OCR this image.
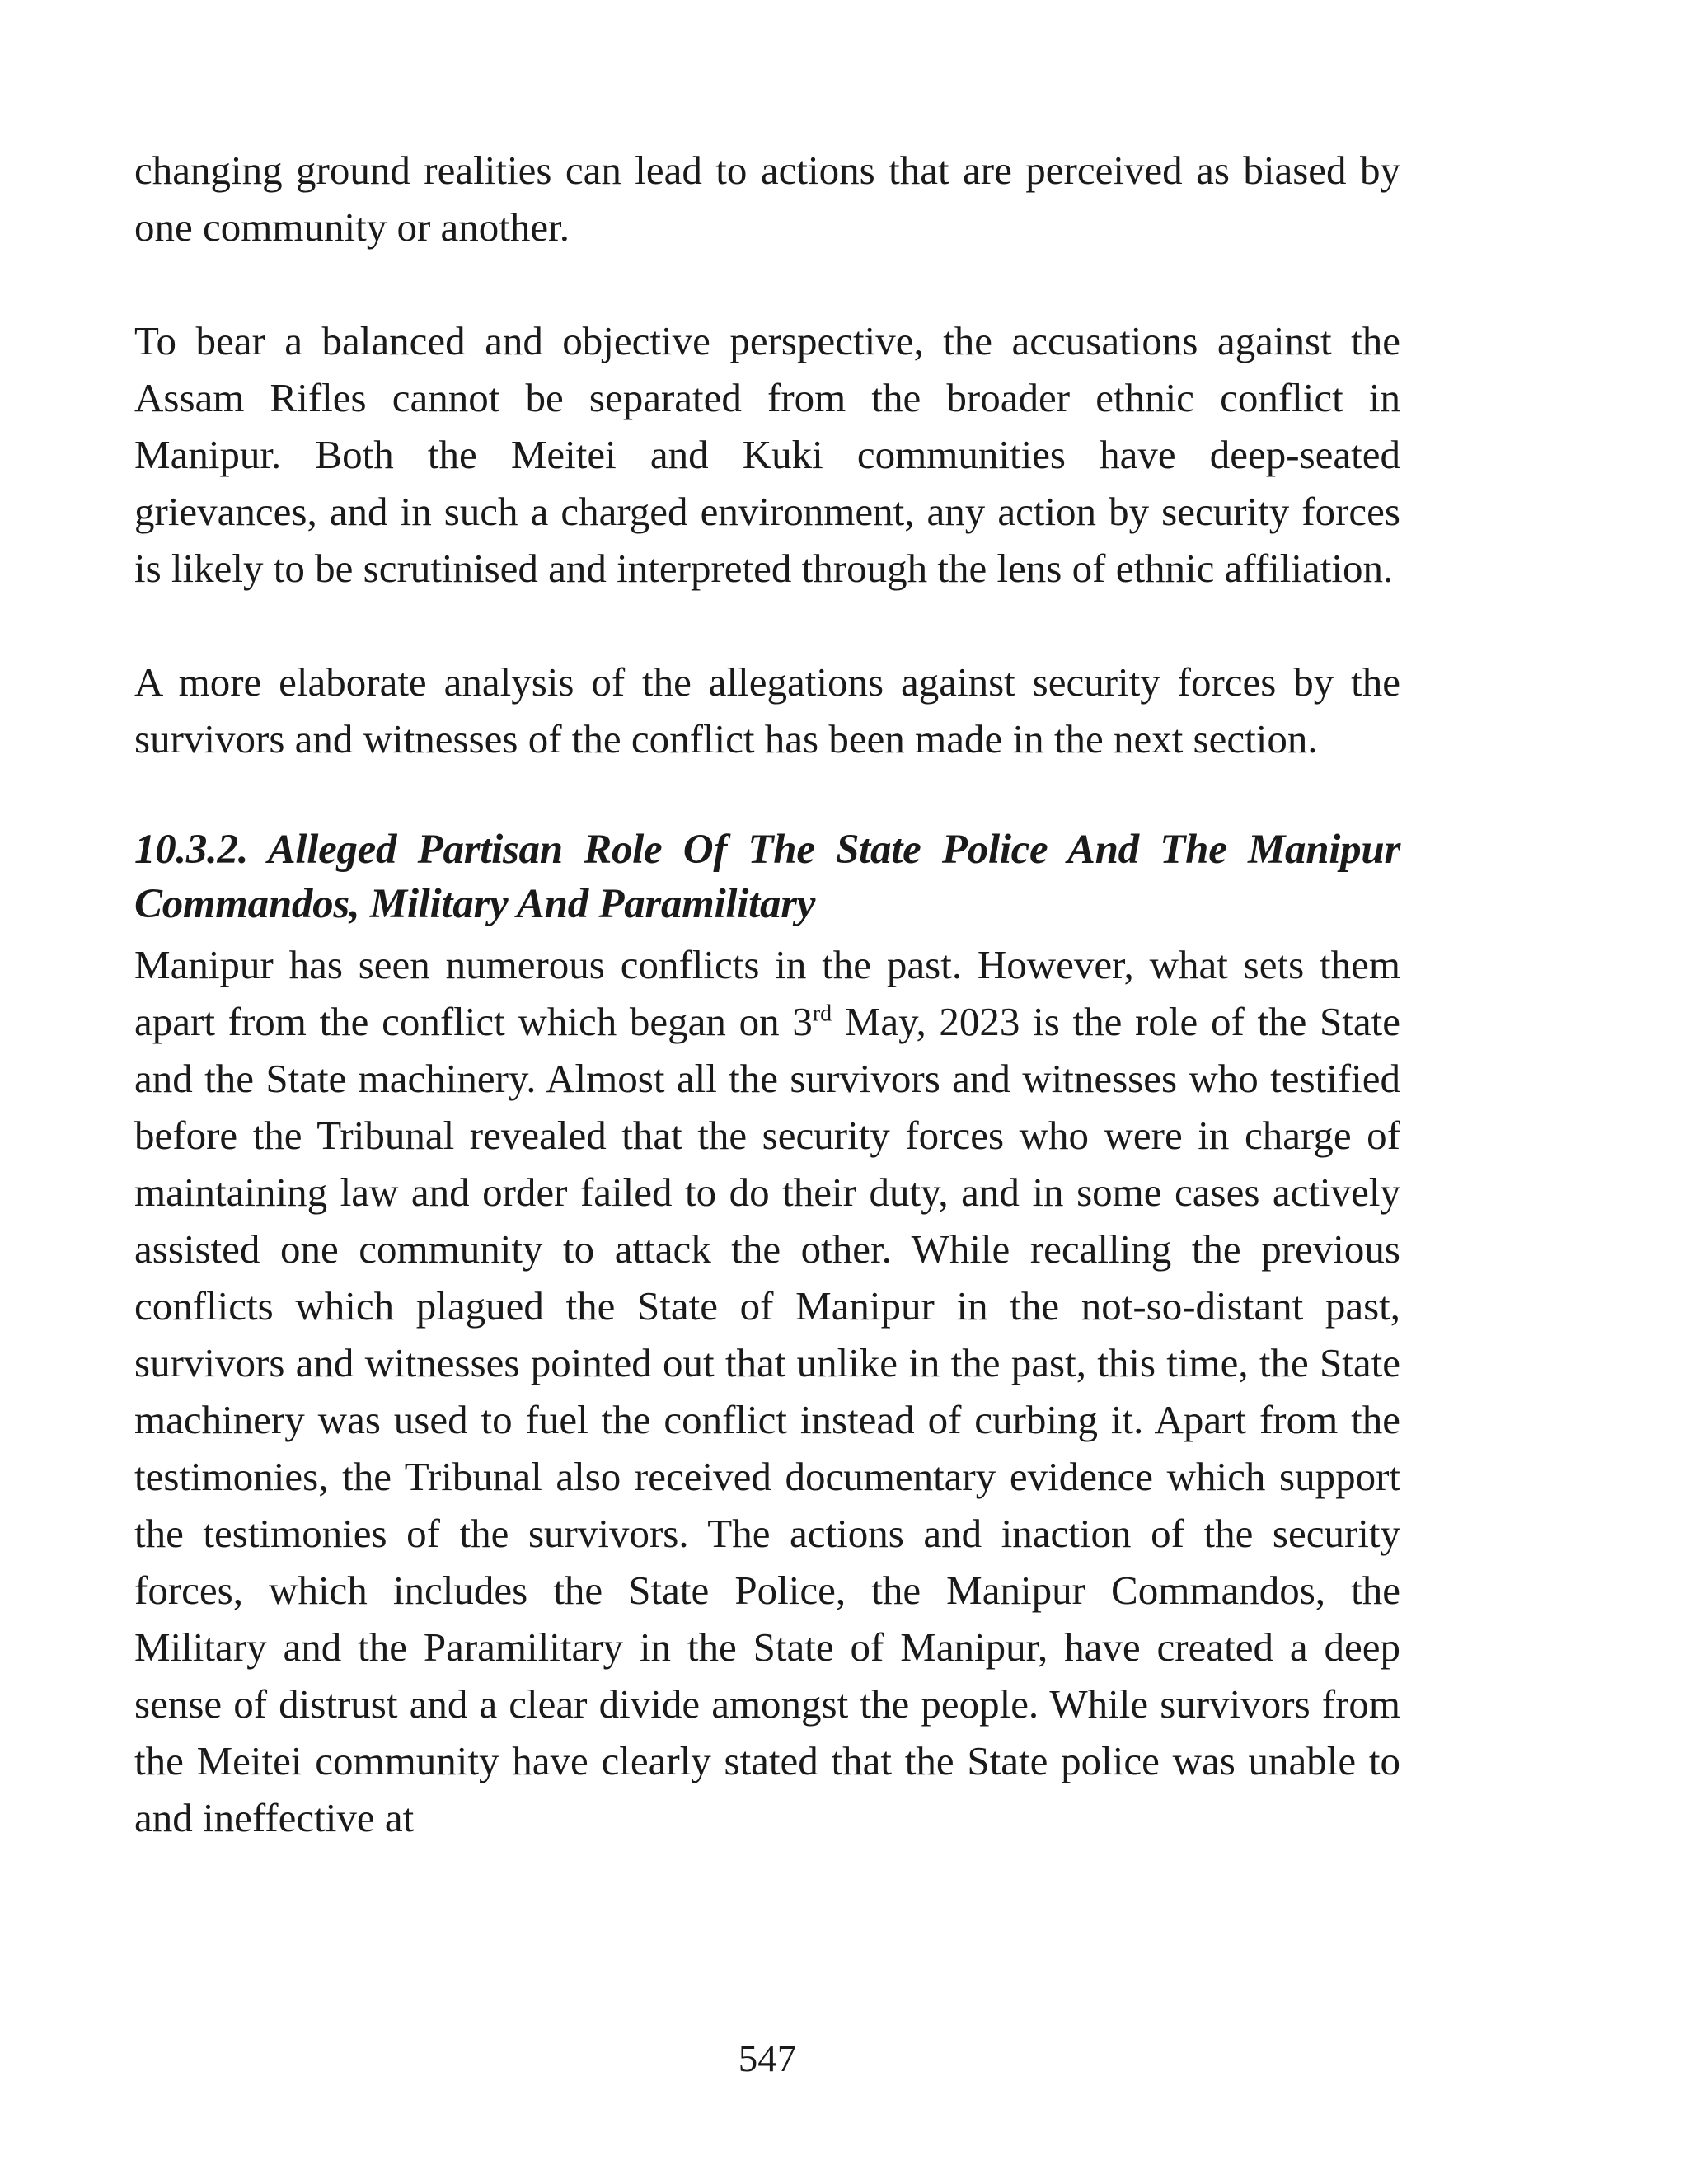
changing ground realities can lead to actions that are perceived as biased by one community or another.

To bear a balanced and objective perspective, the accusations against the Assam Rifles cannot be separated from the broader ethnic conflict in Manipur. Both the Meitei and Kuki communities have deep-seated grievances, and in such a charged environment, any action by security forces is likely to be scrutinised and interpreted through the lens of ethnic affiliation.

A more elaborate analysis of the allegations against security forces by the survivors and witnesses of the conflict has been made in the next section.

10.3.2. Alleged Partisan Role Of The State Police And The Manipur Commandos, Military And Paramilitary

Manipur has seen numerous conflicts in the past. However, what sets them apart from the conflict which began on 3rd May, 2023 is the role of the State and the State machinery. Almost all the survivors and witnesses who testified before the Tribunal revealed that the security forces who were in charge of maintaining law and order failed to do their duty, and in some cases actively assisted one community to attack the other. While recalling the previous conflicts which plagued the State of Manipur in the not-so-distant past, survivors and witnesses pointed out that unlike in the past, this time, the State machinery was used to fuel the conflict instead of curbing it. Apart from the testimonies, the Tribunal also received documentary evidence which support the testimonies of the survivors. The actions and inaction of the security forces, which includes the State Police, the Manipur Commandos, the Military and the Paramilitary in the State of Manipur, have created a deep sense of distrust and a clear divide amongst the people. While survivors from the Meitei community have clearly stated that the State police was unable to and ineffective at

547
